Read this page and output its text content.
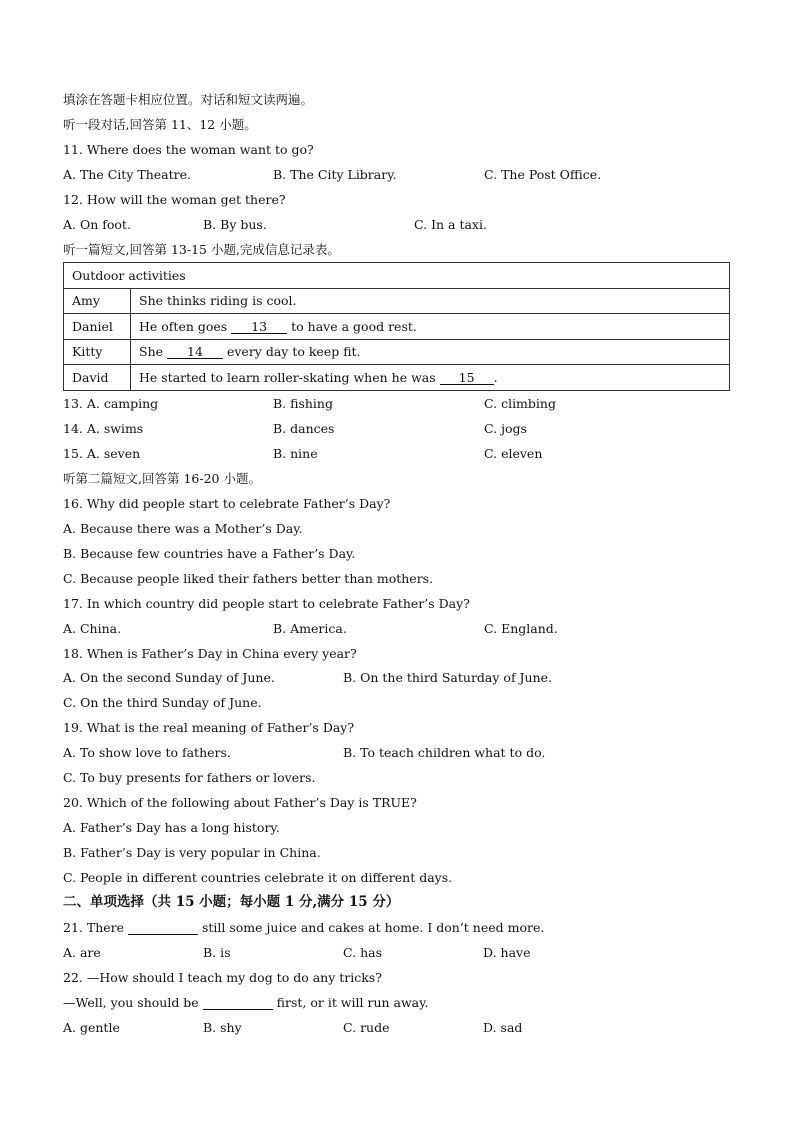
填涂在答题卡相应位置。对话和短文读两遍。
听一段对话,回答第 11、12 小题。
11. Where does the woman want to go?
A. The City Theatre.	B. The City Library.	C. The Post Office.
12. How will the woman get there?
A. On foot.	B. By bus.	C. In a taxi.
听一篇短文,回答第 13-15 小题,完成信息记录表。
Outdoor activities	
Amy	She thinks riding is cool.
Daniel	He often goes 13 to have a good rest.
Kitty	She 14 every day to keep fit.
David	He started to learn roller-skating when he was 15 .
13. A. camping	B. fishing	C. climbing
14. A. swims	B. dances	C. jogs
15. A. seven	B. nine	C. eleven
听第二篇短文,回答第 16-20 小题。
16. Why did people start to celebrate Father’s Day?
A. Because there was a Mother’s Day.
B. Because few countries have a Father’s Day.
C. Because people liked their fathers better than mothers.
17. In which country did people start to celebrate Father’s Day?
A. China.	B. America.	C. England.
18. When is Father’s Day in China every year?
A. On the second Sunday of June.	B. On the third Saturday of June.
C. On the third Sunday of June.
19. What is the real meaning of Father’s Day?
A. To show love to fathers.	B. To teach children what to do.
C. To buy presents for fathers or lovers.
20. Which of the following about Father’s Day is TRUE?
A. Father’s Day has a long history.
B. Father’s Day is very popular in China.
C. People in different countries celebrate it on different days.
二、单项选择（共 15 小题；每小题 1 分,满分 15 分）
21. There	still some juice and cakes at home. I don’t need more.
A. are	B. is	C. has	D. have
22. —How should I teach my dog to do any tricks?
—Well, you should be	first, or it will run away.
A. gentle	B. shy	C. rude	D. sad
